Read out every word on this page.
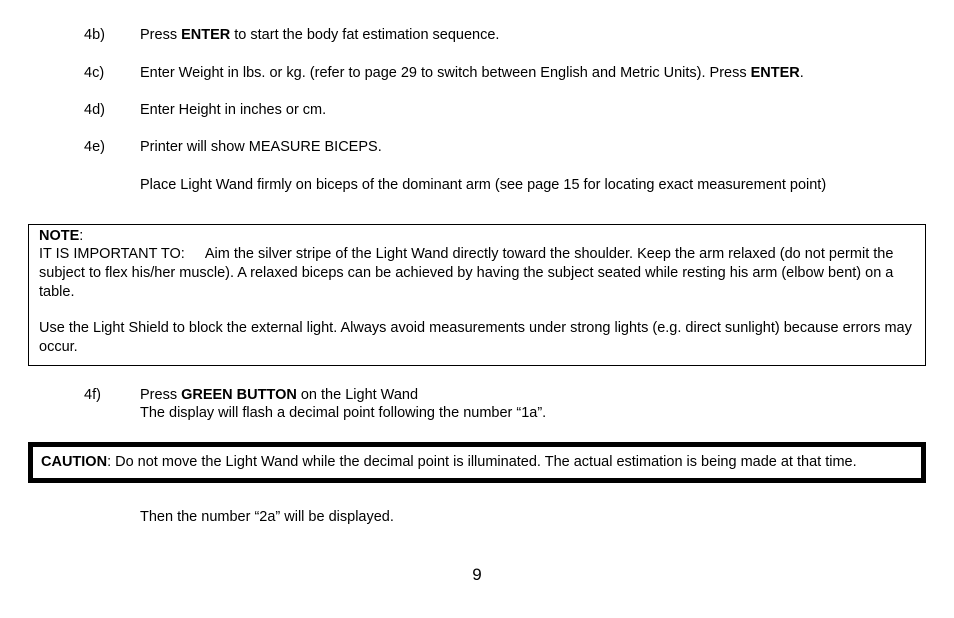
4b) Press ENTER to start the body fat estimation sequence.
4c) Enter Weight in lbs. or kg. (refer to page 29 to switch between English and Metric Units). Press ENTER.
4d) Enter Height in inches or cm.
4e) Printer will show MEASURE BICEPS.
Place Light Wand firmly on biceps of the dominant arm (see page 15 for locating exact measurement point)
NOTE:
IT IS IMPORTANT TO: Aim the silver stripe of the Light Wand directly toward the shoulder. Keep the arm relaxed (do not permit the subject to flex his/her muscle). A relaxed biceps can be achieved by having the subject seated while resting his arm (elbow bent) on a table.
Use the Light Shield to block the external light. Always avoid measurements under strong lights (e.g. direct sunlight) because errors may occur.
4f)	Press GREEN BUTTON on the Light Wand
The display will flash a decimal point following the number “1a”.
CAUTION: Do not move the Light Wand while the decimal point is illuminated. The actual estimation is being made at that time.
Then the number “2a” will be displayed.
9
